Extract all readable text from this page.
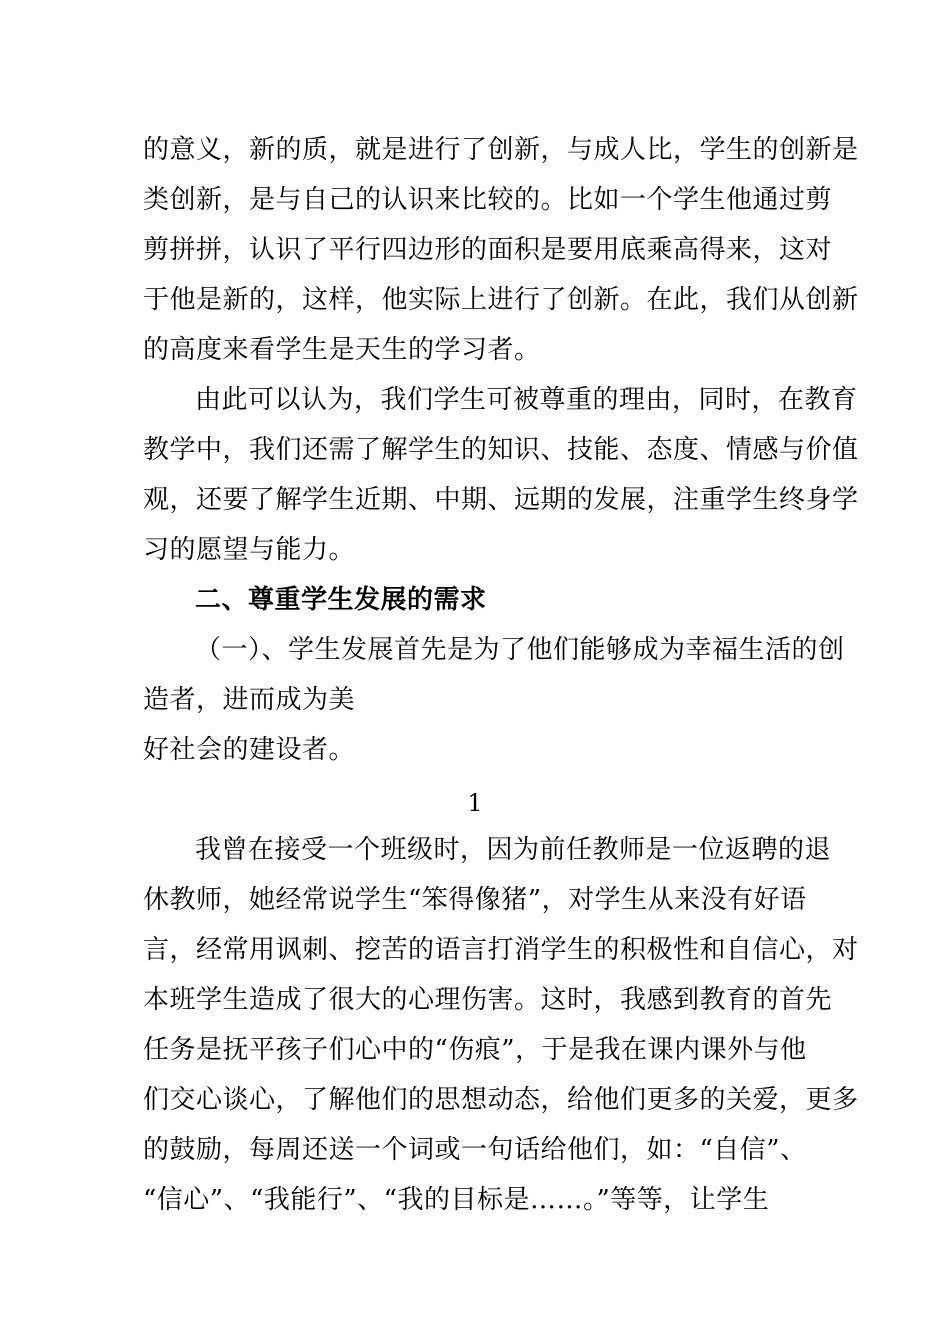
的意义，新的质，就是进行了创新，与成人比，学生的创新是
类创新，是与自己的认识来比较的。比如一个学生他通过剪
剪拼拼，认识了平行四边形的面积是要用底乘高得来，这对
于他是新的，这样，他实际上进行了创新。在此，我们从创新
的高度来看学生是天生的学习者。
由此可以认为，我们学生可被尊重的理由，同时，在教育
教学中，我们还需了解学生的知识、技能、态度、情感与价值
观，还要了解学生近期、中期、远期的发展，注重学生终身学
习的愿望与能力。
二、尊重学生发展的需求
（一）、学生发展首先是为了他们能够成为幸福生活的创
造者，进而成为美
好社会的建设者。
1
我曾在接受一个班级时，因为前任教师是一位返聘的退
休教师，她经常说学生“笨得像猪”，对学生从来没有好语
言，经常用讽刺、挖苦的语言打消学生的积极性和自信心，对
本班学生造成了很大的心理伤害。这时，我感到教育的首先
任务是抚平孩子们心中的“伤痕”，于是我在课内课外与他
们交心谈心，了解他们的思想动态，给他们更多的关爱，更多
的鼓励，每周还送一个词或一句话给他们，如：“自信”、
“信心”、“我能行”、“我的目标是……。”等等，让学生
